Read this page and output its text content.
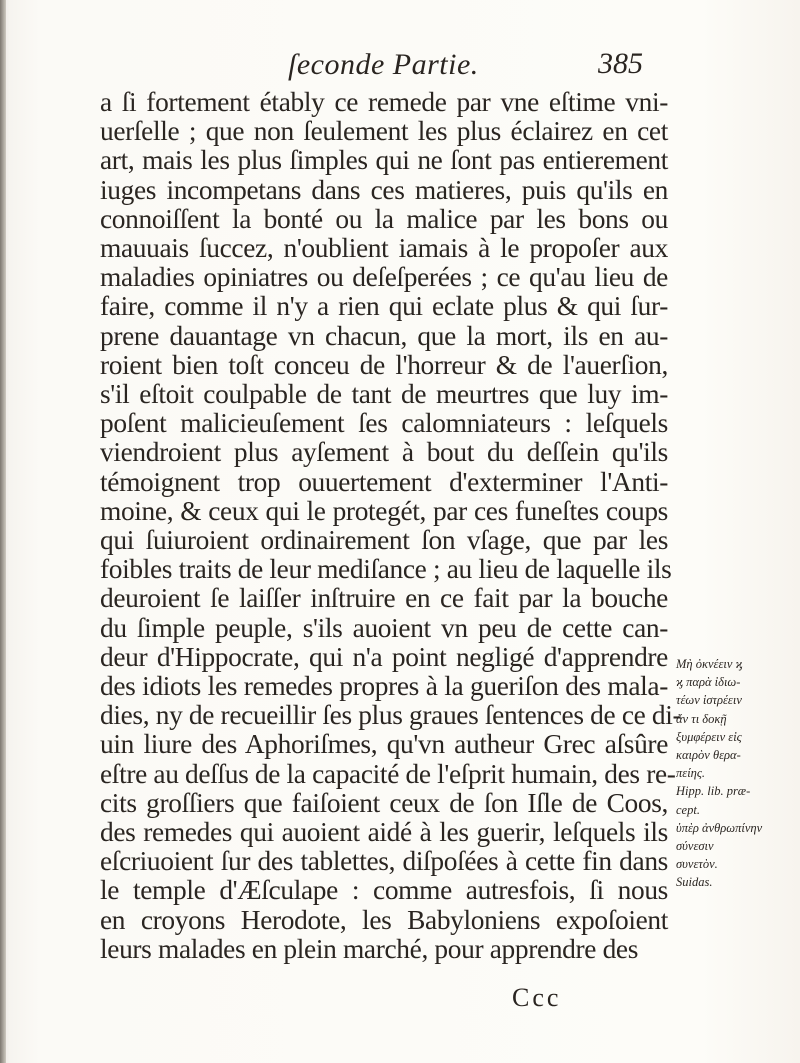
ſeconde Partie.	385
a ſi fortement étably ce remede par vne eſtime vni-
uerſelle ; que non ſeulement les plus éclairez en cet
art, mais les plus ſimples qui ne ſont pas entierement
iuges incompetans dans ces matieres, puis qu'ils en
connoiſſent la bonté ou la malice par les bons ou
mauuais ſuccez, n'oublient iamais à le propoſer aux
maladies opiniatres ou deſeſperées ; ce qu'au lieu de
faire, comme il n'y a rien qui eclate plus & qui ſur-
prene dauantage vn chacun, que la mort, ils en au-
roient bien toſt conceu de l'horreur & de l'auerſion,
s'il eſtoit coulpable de tant de meurtres que luy im-
poſent malicieuſement ſes calomniateurs : leſquels
viendroient plus ayſement à bout du deſſein qu'ils
témoignent trop ouuertement d'exterminer l'Anti-
moine, & ceux qui le protegét, par ces funeſtes coups
qui ſuiuroient ordinairement ſon vſage, que par les
foibles traits de leur mediſance ; au lieu de laquelle ils
deuroient ſe laiſſer inſtruire en ce fait par la bouche
du ſimple peuple, s'ils auoient vn peu de cette can-
deur d'Hippocrate, qui n'a point negligé d'apprendre
des idiots les remedes propres à la gueriſon des mala-
dies, ny de recueillir ſes plus graues ſentences de ce di-
uin liure des Aphoriſmes, qu'vn autheur Grec aſsûre
eſtre au deſſus de la capacité de l'eſprit humain, des re-
cits groſſiers que faiſoient ceux de ſon Iſle de Coos,
des remedes qui auoient aidé à les guerir, leſquels ils
eſcriuoient ſur des tablettes, diſpoſées à cette fin dans
le temple d'Æſculape : comme autresfois, ſi nous
en croyons Herodote, les Babyloniens expoſoient
leurs malades en plein marché, pour apprendre des
Μὴ ὀκνέειν ϗ
ϗ παρὰ ἰδιω-
τέων ἱστρέειν
ἄν τι δοκῇ
ξυμφέρειν εἰς
καιρὸν θερα-
πείης.
Hipp. lib. præ-
cept.
ὑπὲρ ἀνθρωπίνην
σύνεσιν
συνετὸν.
Suidas.
Ccc
